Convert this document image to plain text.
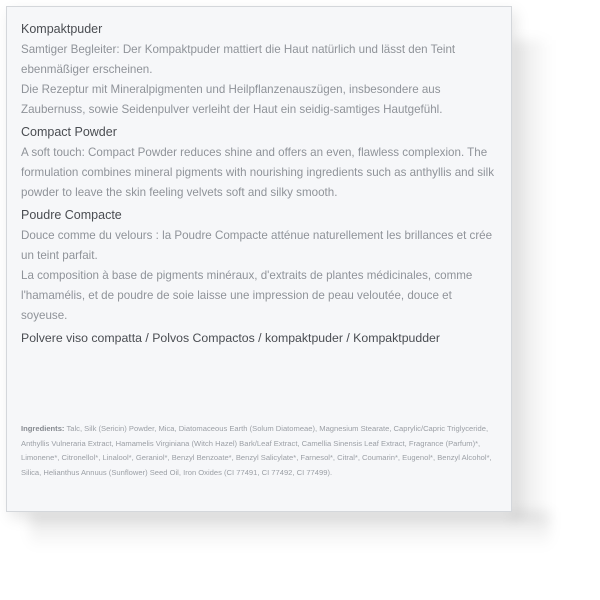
Kompaktpuder

Samtiger Begleiter: Der Kompaktpuder mattiert die Haut natürlich und lässt den Teint ebenmäßiger erscheinen.

Die Rezeptur mit Mineralpigmenten und Heilpflanzenauszügen, insbesondere aus Zaubernuss, sowie Seidenpulver verleiht der Haut ein seidig-samtiges Hautgefühl.

Compact Powder

A soft touch: Compact Powder reduces shine and offers an even, flawless complexion. The formulation combines mineral pigments with nourishing ingredients such as anthyllis and silk powder to leave the skin feeling velvets soft and silky smooth.

Poudre Compacte

Douce comme du velours : la Poudre Compacte atténue naturellement les brillances et crée un teint parfait.

La composition à base de pigments minéraux, d'extraits de plantes médicinales, comme l'hamamélis, et de poudre de soie laisse une impression de peau veloutée, douce et soyeuse.

Polvere viso compatta / Polvos Compactos / kompaktpuder / Kompaktpudder

Ingredients: Talc, Silk (Sericin) Powder, Mica, Diatomaceous Earth (Solum Diatomeae), Magnesium Stearate, Caprylic/Capric Triglyceride, Anthyllis Vulneraria Extract, Hamamelis Virginiana (Witch Hazel) Bark/Leaf Extract, Camellia Sinensis Leaf Extract, Fragrance (Parfum)*, Limonene*, Citronellol*, Linalool*, Geraniol*, Benzyl Benzoate*, Benzyl Salicylate*, Farnesol*, Citral*, Coumarin*, Eugenol*, Benzyl Alcohol*, Silica, Helianthus Annuus (Sunflower) Seed Oil, Iron Oxides (CI 77491, CI 77492, CI 77499).
